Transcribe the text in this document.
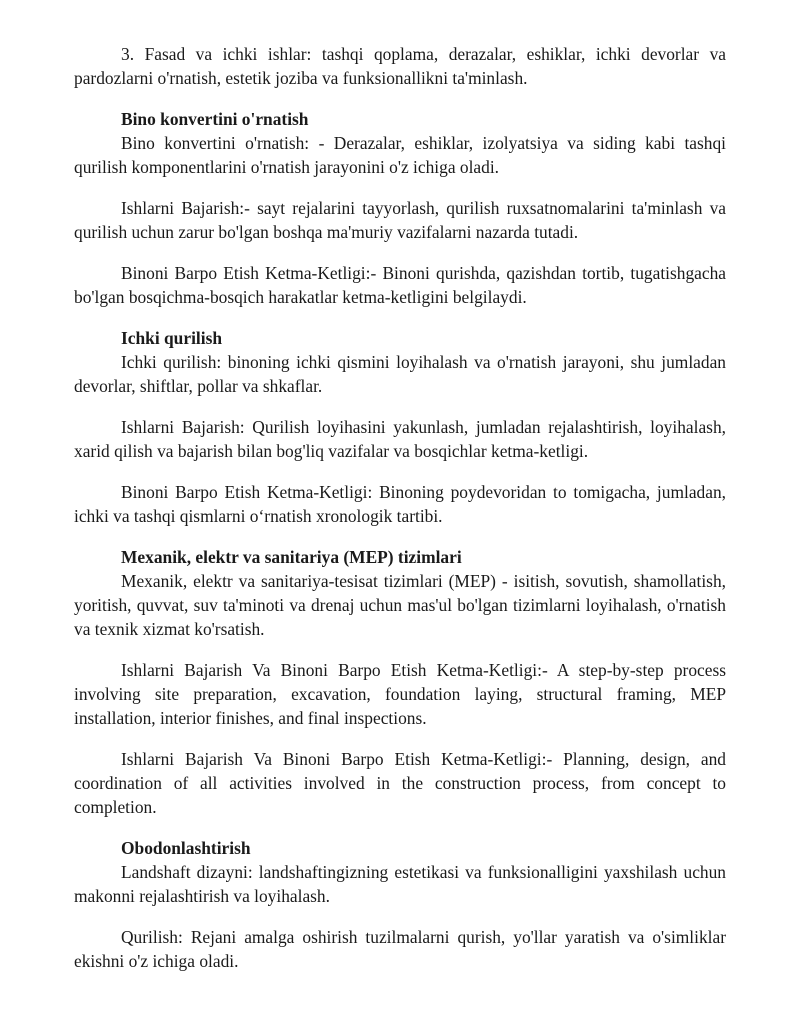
3. Fasad va ichki ishlar: tashqi qoplama, derazalar, eshiklar, ichki devorlar va pardozlarni o'rnatish, estetik joziba va funksionallikni ta'minlash.

Bino konvertini o'rnatish

Bino konvertini o'rnatish: - Derazalar, eshiklar, izolyatsiya va siding kabi tashqi qurilish komponentlarini o'rnatish jarayonini o'z ichiga oladi.

Ishlarni Bajarish:- sayt rejalarini tayyorlash, qurilish ruxsatnomalarini ta'minlash va qurilish uchun zarur bo'lgan boshqa ma'muriy vazifalarni nazarda tutadi.

Binoni Barpo Etish Ketma-Ketligi:- Binoni qurishda, qazishdan tortib, tugatishgacha bo'lgan bosqichma-bosqich harakatlar ketma-ketligini belgilaydi.

Ichki qurilish

Ichki qurilish: binoning ichki qismini loyihalash va o'rnatish jarayoni, shu jumladan devorlar, shiftlar, pollar va shkaflar.

Ishlarni Bajarish: Qurilish loyihasini yakunlash, jumladan rejalashtirish, loyihalash, xarid qilish va bajarish bilan bog'liq vazifalar va bosqichlar ketma-ketligi.

Binoni Barpo Etish Ketma-Ketligi: Binoning poydevoridan to tomigacha, jumladan, ichki va tashqi qismlarni o‘rnatish xronologik tartibi.

Mexanik, elektr va sanitariya (MEP) tizimlari

Mexanik, elektr va sanitariya-tesisat tizimlari (MEP) - isitish, sovutish, shamollatish, yoritish, quvvat, suv ta'minoti va drenaj uchun mas'ul bo'lgan tizimlarni loyihalash, o'rnatish va texnik xizmat ko'rsatish.

Ishlarni Bajarish Va Binoni Barpo Etish Ketma-Ketligi:- A step-by-step process involving site preparation, excavation, foundation laying, structural framing, MEP installation, interior finishes, and final inspections.

Ishlarni Bajarish Va Binoni Barpo Etish Ketma-Ketligi:- Planning, design, and coordination of all activities involved in the construction process, from concept to completion.

Obodonlashtirish

Landshaft dizayni: landshaftingizning estetikasi va funksionalligini yaxshilash uchun makonni rejalashtirish va loyihalash.

Qurilish: Rejani amalga oshirish tuzilmalarni qurish, yo'llar yaratish va o'simliklar ekishni o'z ichiga oladi.
